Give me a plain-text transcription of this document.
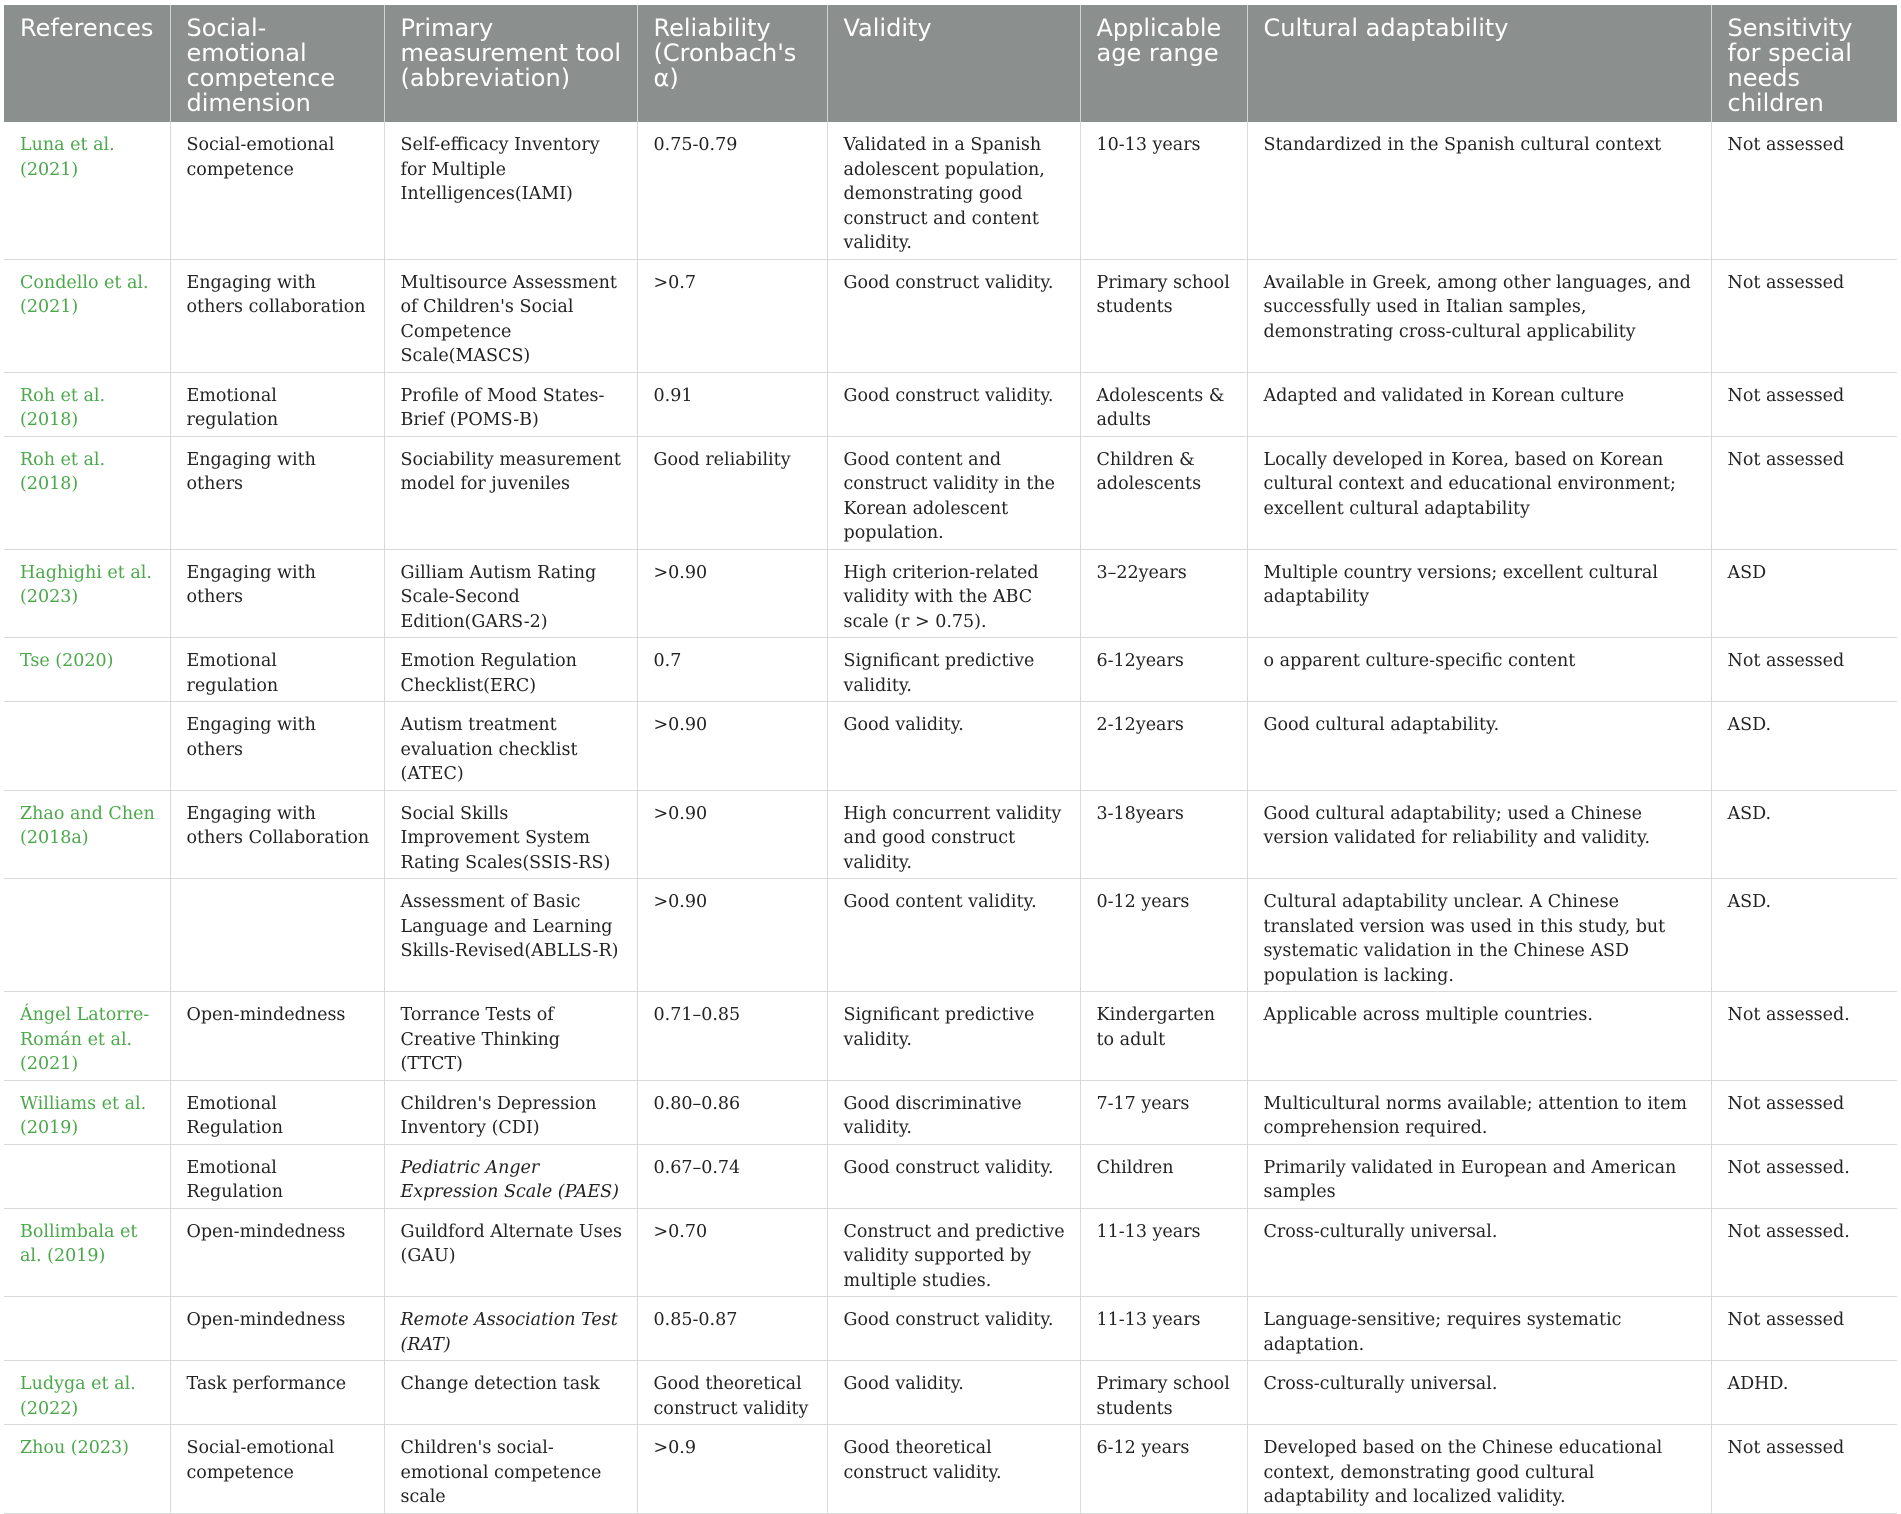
References	Social-emotional competence dimension	Primary measurement tool (abbreviation)	Reliability (Cronbach's α)	Validity	Applicable age range	Cultural adaptability	Sensitivity for special needs children
Luna et al. (2021)	Social-emotional competence	Self-efficacy Inventory for Multiple Intelligences(IAMI)	0.75-0.79	Validated in a Spanish adolescent population, demonstrating good construct and content validity.	10-13 years	Standardized in the Spanish cultural context	Not assessed
Condello et al. (2021)	Engaging with others collaboration	Multisource Assessment of Children's Social Competence Scale(MASCS)	>0.7	Good construct validity.	Primary school students	Available in Greek, among other languages, and successfully used in Italian samples, demonstrating cross-cultural applicability	Not assessed
Roh et al. (2018)	Emotional regulation	Profile of Mood States-Brief (POMS-B)	0.91	Good construct validity.	Adolescents & adults	Adapted and validated in Korean culture	Not assessed
Roh et al. (2018)	Engaging with others	Sociability measurement model for juveniles	Good reliability	Good content and construct validity in the Korean adolescent population.	Children & adolescents	Locally developed in Korea, based on Korean cultural context and educational environment; excellent cultural adaptability	Not assessed
Haghighi et al. (2023)	Engaging with others	Gilliam Autism Rating Scale-Second Edition(GARS-2)	>0.90	High criterion-related validity with the ABC scale (r > 0.75).	3–22years	Multiple country versions; excellent cultural adaptability	ASD
Tse (2020)	Emotional regulation	Emotion Regulation Checklist(ERC)	0.7	Significant predictive validity.	6-12years	o apparent culture-specific content	Not assessed
	Engaging with others	Autism treatment evaluation checklist (ATEC)	>0.90	Good validity.	2-12years	Good cultural adaptability.	ASD.
Zhao and Chen (2018a)	Engaging with others Collaboration	Social Skills Improvement System Rating Scales(SSIS-RS)	>0.90	High concurrent validity and good construct validity.	3-18years	Good cultural adaptability; used a Chinese version validated for reliability and validity.	ASD.
		Assessment of Basic Language and Learning Skills-Revised(ABLLS-R)	>0.90	Good content validity.	0-12 years	Cultural adaptability unclear. A Chinese translated version was used in this study, but systematic validation in the Chinese ASD population is lacking.	ASD.
Ángel Latorre-Román et al. (2021)	Open-mindedness	Torrance Tests of Creative Thinking (TTCT)	0.71–0.85	Significant predictive validity.	Kindergarten to adult	Applicable across multiple countries.	Not assessed.
Williams et al. (2019)	Emotional Regulation	Children's Depression Inventory (CDI)	0.80–0.86	Good discriminative validity.	7-17 years	Multicultural norms available; attention to item comprehension required.	Not assessed
	Emotional Regulation	Pediatric Anger Expression Scale (PAES)	0.67–0.74	Good construct validity.	Children	Primarily validated in European and American samples	Not assessed.
Bollimbala et al. (2019)	Open-mindedness	Guildford Alternate Uses (GAU)	>0.70	Construct and predictive validity supported by multiple studies.	11-13 years	Cross-culturally universal.	Not assessed.
	Open-mindedness	Remote Association Test (RAT)	0.85-0.87	Good construct validity.	11-13 years	Language-sensitive; requires systematic adaptation.	Not assessed
Ludyga et al. (2022)	Task performance	Change detection task	Good theoretical construct validity	Good validity.	Primary school students	Cross-culturally universal.	ADHD.
Zhou (2023)	Social-emotional competence	Children's social-emotional competence scale	>0.9	Good theoretical construct validity.	6-12 years	Developed based on the Chinese educational context, demonstrating good cultural adaptability and localized validity.	Not assessed
